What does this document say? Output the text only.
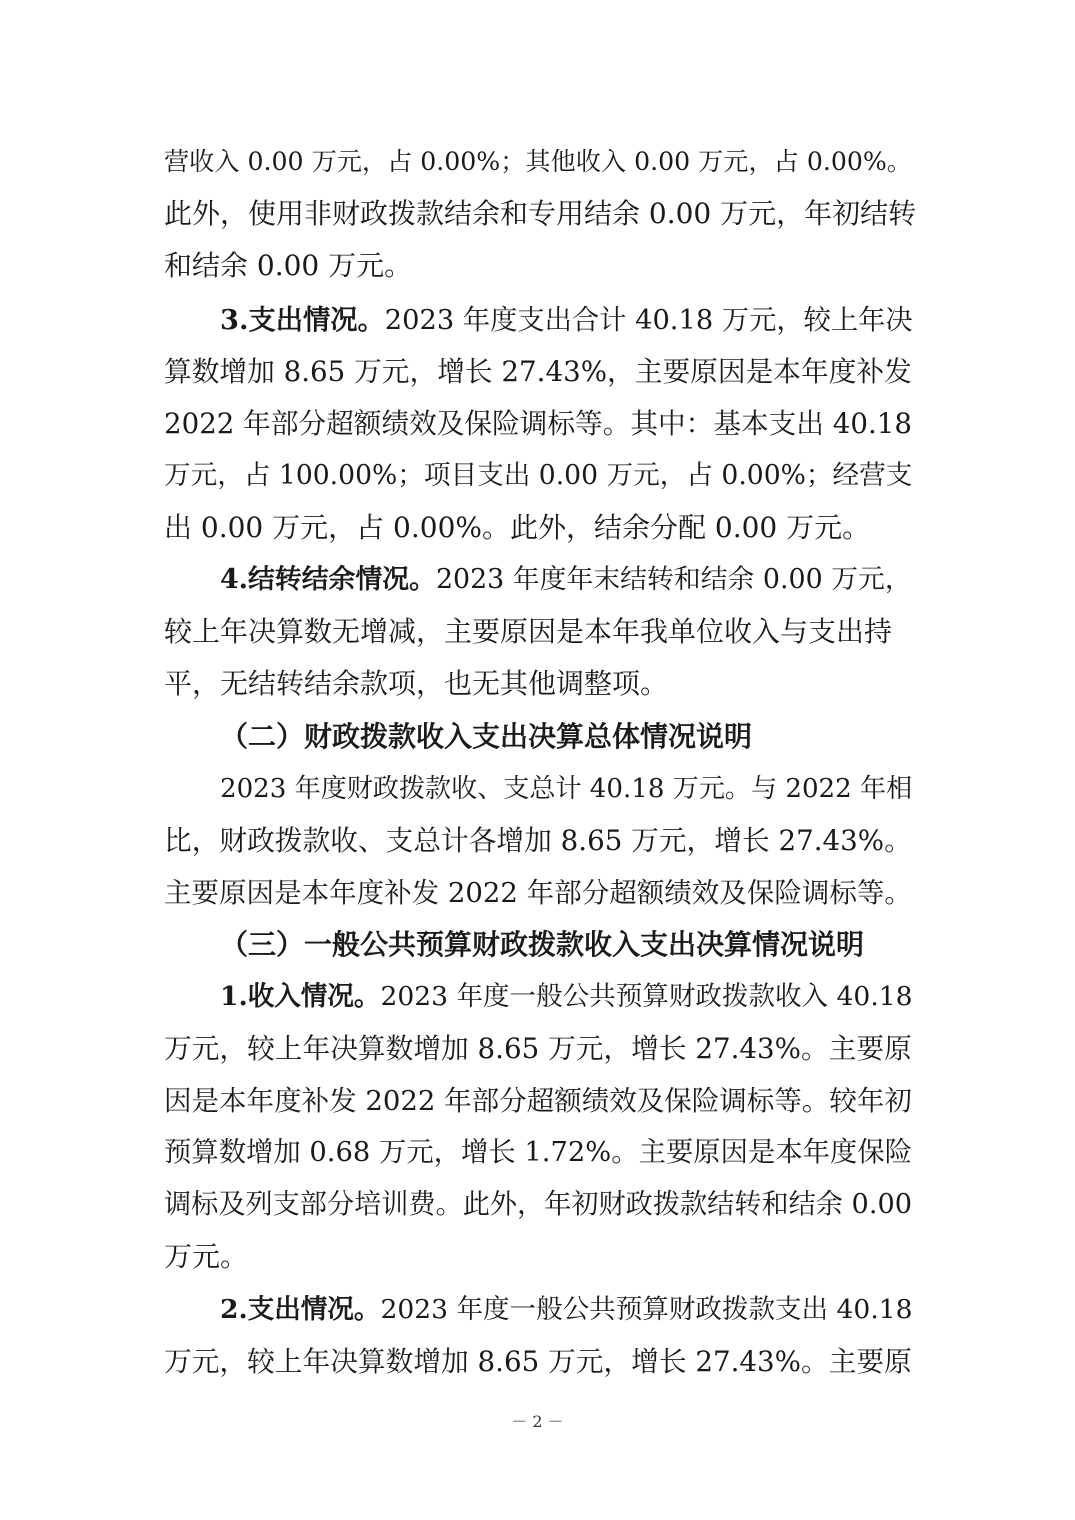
营收入 0.00 万元，占 0.00%；其他收入 0.00 万元，占 0.00%。
此外，使用非财政拨款结余和专用结余 0.00 万元，年初结转
和结余 0.00 万元。
3.支出情况。2023 年度支出合计 40.18 万元，较上年决
算数增加 8.65 万元，增长 27.43%，主要原因是本年度补发
2022 年部分超额绩效及保险调标等。其中：基本支出 40.18
万元，占 100.00%；项目支出 0.00 万元，占 0.00%；经营支
出 0.00 万元，占 0.00%。此外，结余分配 0.00 万元。
4.结转结余情况。2023 年度年末结转和结余 0.00 万元，
较上年决算数无增减，主要原因是本年我单位收入与支出持
平，无结转结余款项，也无其他调整项。
（二）财政拨款收入支出决算总体情况说明
2023 年度财政拨款收、支总计 40.18 万元。与 2022 年相
比，财政拨款收、支总计各增加 8.65 万元，增长 27.43%。
主要原因是本年度补发 2022 年部分超额绩效及保险调标等。
（三）一般公共预算财政拨款收入支出决算情况说明
1.收入情况。2023 年度一般公共预算财政拨款收入 40.18
万元，较上年决算数增加 8.65 万元，增长 27.43%。主要原
因是本年度补发 2022 年部分超额绩效及保险调标等。较年初
预算数增加 0.68 万元，增长 1.72%。主要原因是本年度保险
调标及列支部分培训费。此外，年初财政拨款结转和结余 0.00
万元。
2.支出情况。2023 年度一般公共预算财政拨款支出 40.18
万元，较上年决算数增加 8.65 万元，增长 27.43%。主要原
－ 2 －
